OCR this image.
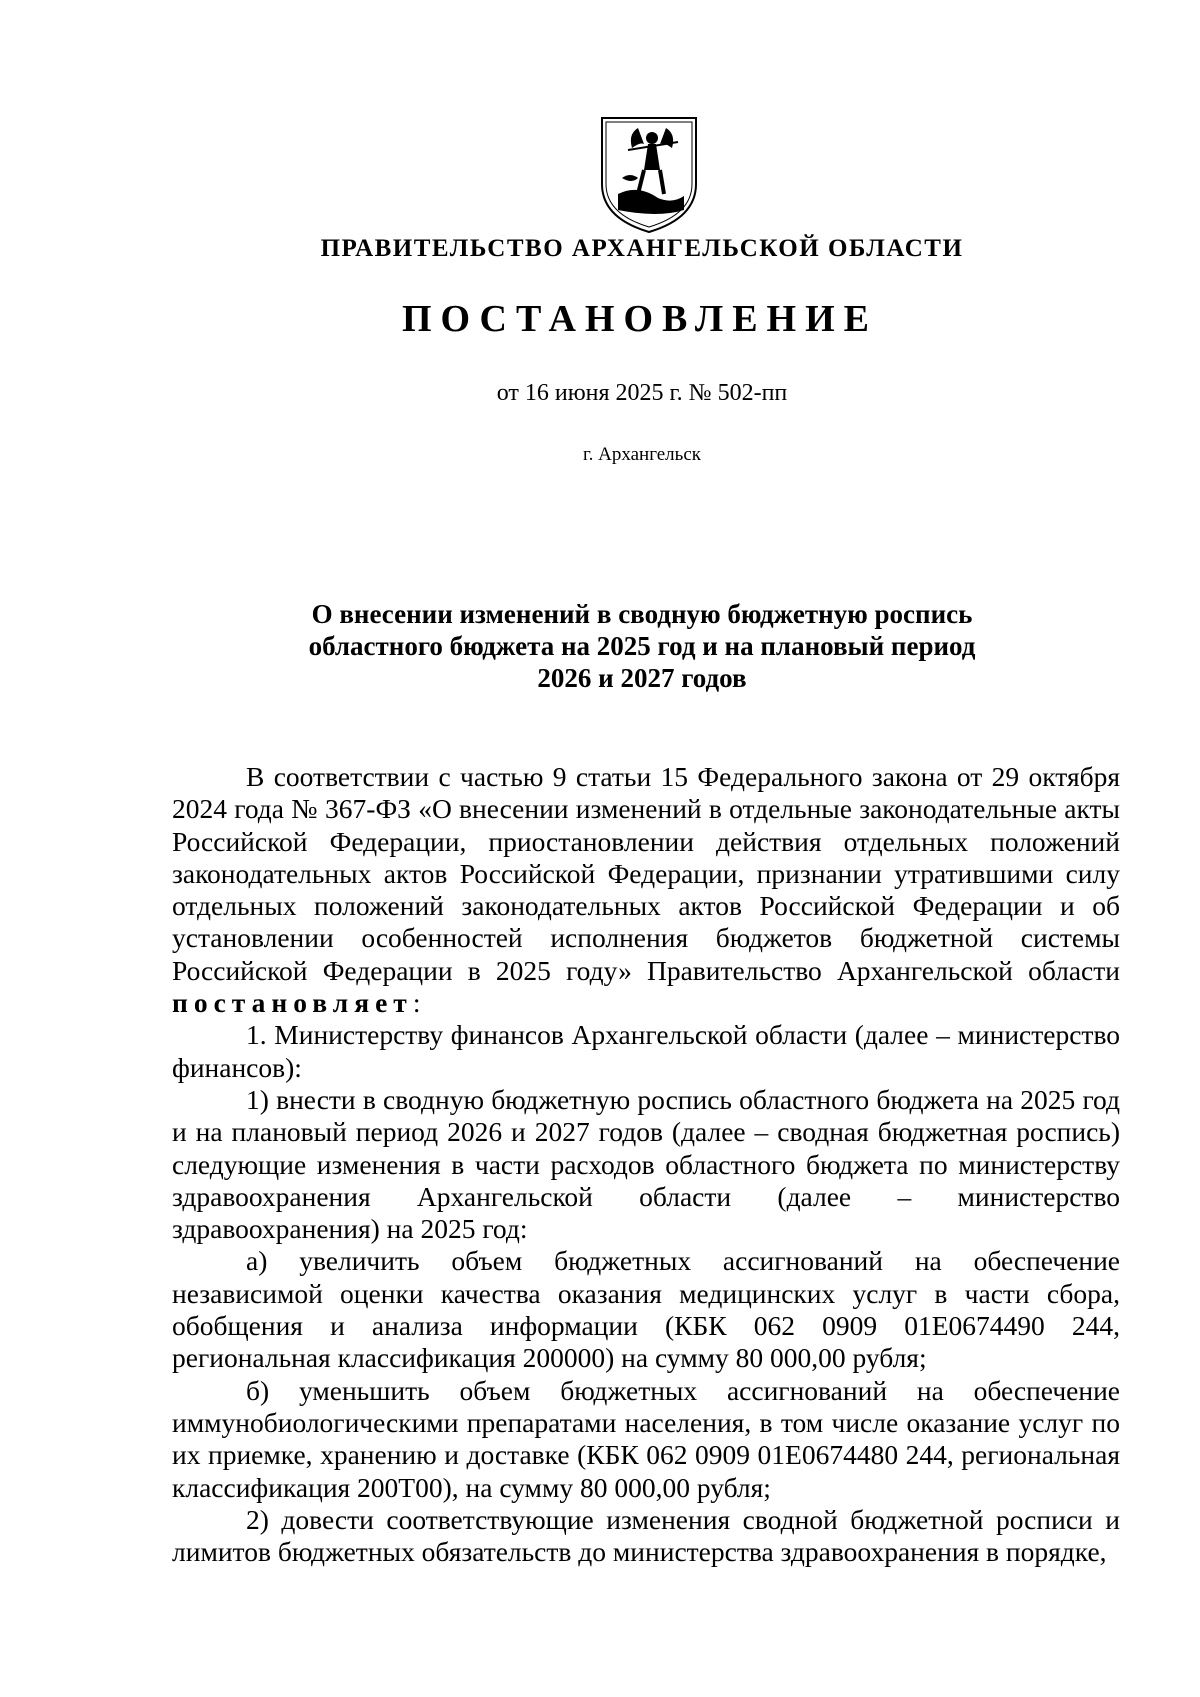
ПРАВИТЕЛЬСТВО АРХАНГЕЛЬСКОЙ ОБЛАСТИ
ПОСТАНОВЛЕНИЕ
от 16 июня 2025 г. № 502-пп
г. Архангельск
О внесении изменений в сводную бюджетную роспись
областного бюджета на 2025 год и на плановый период
2026 и 2027 годов

В соответствии с частью 9 статьи 15 Федерального закона от 29 октября 2024 года № 367-ФЗ «О внесении изменений в отдельные законодательные акты Российской Федерации, приостановлении действия отдельных положений законодательных актов Российской Федерации, признании утратившими силу отдельных положений законодательных актов Российской Федерации и об установлении особенностей исполнения бюджетов бюджетной системы Российской Федерации в 2025 году» Правительство Архангельской области постановляет:

1. Министерству финансов Архангельской области (далее – министерство финансов):

1) внести в сводную бюджетную роспись областного бюджета на 2025 год и на плановый период 2026 и 2027 годов (далее – сводная бюджетная роспись) следующие изменения в части расходов областного бюджета по министерству здравоохранения Архангельской области (далее – министерство здравоохранения) на 2025 год:

а) увеличить объем бюджетных ассигнований на обеспечение независимой оценки качества оказания медицинских услуг в части сбора, обобщения и анализа информации (КБК 062 0909 01Е0674490 244, региональная классификация 200000) на сумму 80 000,00 рубля;

б) уменьшить объем бюджетных ассигнований на обеспечение иммунобиологическими препаратами населения, в том числе оказание услуг по их приемке, хранению и доставке (КБК 062 0909 01Е0674480 244, региональная классификация 200Т00), на сумму 80 000,00 рубля;

2) довести соответствующие изменения сводной бюджетной росписи и лимитов бюджетных обязательств до министерства здравоохранения в порядке,
